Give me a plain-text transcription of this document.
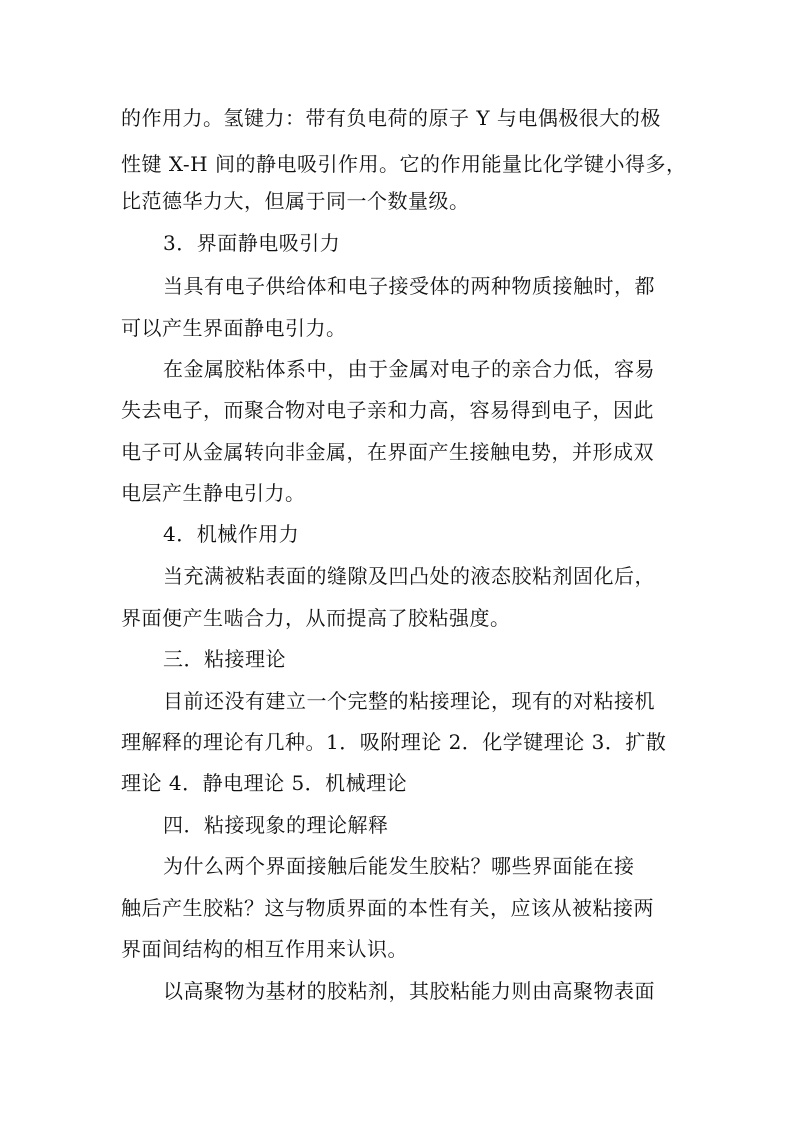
的作用力。氢键力：带有负电荷的原子 Y 与电偶极很大的极
性键 X-H 间的静电吸引作用。它的作用能量比化学键小得多，
比范德华力大，但属于同一个数量级。
3．界面静电吸引力
当具有电子供给体和电子接受体的两种物质接触时，都
可以产生界面静电引力。
在金属胶粘体系中，由于金属对电子的亲合力低，容易
失去电子，而聚合物对电子亲和力高，容易得到电子，因此
电子可从金属转向非金属，在界面产生接触电势，并形成双
电层产生静电引力。
4．机械作用力
当充满被粘表面的缝隙及凹凸处的液态胶粘剂固化后，
界面便产生啮合力，从而提高了胶粘强度。
三．粘接理论
目前还没有建立一个完整的粘接理论，现有的对粘接机
理解释的理论有几种。1．吸附理论 2．化学键理论 3．扩散
理论 4．静电理论 5．机械理论
四．粘接现象的理论解释
为什么两个界面接触后能发生胶粘？哪些界面能在接
触后产生胶粘？这与物质界面的本性有关，应该从被粘接两
界面间结构的相互作用来认识。
以高聚物为基材的胶粘剂，其胶粘能力则由高聚物表面
